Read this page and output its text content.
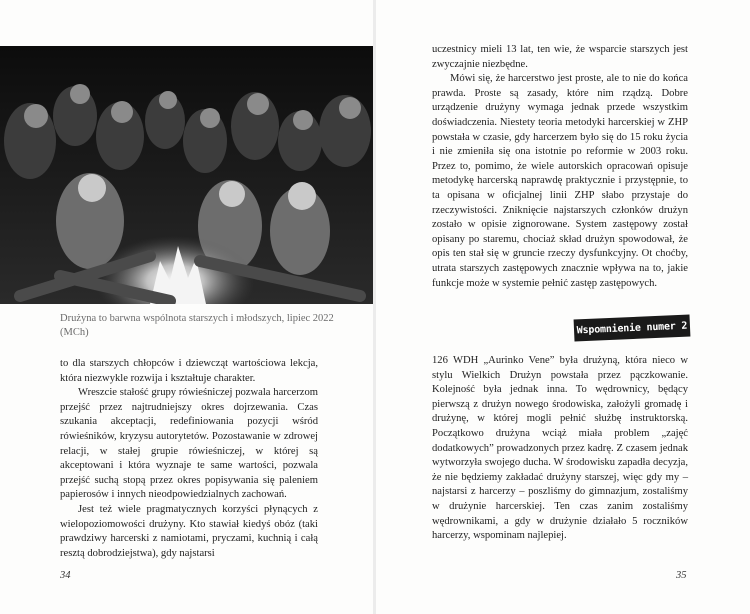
Drużyna to barwna wspólnota starszych i młodszych, lipiec 2022 (MCh)

to dla starszych chłopców i dziewcząt wartościowa lekcja, która niezwykle rozwija i kształtuje charakter.

Wreszcie stałość grupy rówieśniczej pozwala harcerzom przejść przez najtrudniejszy okres dojrzewania. Czas szukania akceptacji, redefiniowania pozycji wśród rówieśników, kryzysu autorytetów. Pozostawanie w zdrowej relacji, w stałej grupie rówieśniczej, w której są akceptowani i która wyznaje te same wartości, pozwala przejść suchą stopą przez okres popisywania się paleniem papierosów i innych nieodpowiedzialnych zachowań.

Jest też wiele pragmatycznych korzyści płynących z wielopoziomowości drużyny. Kto stawiał kiedyś obóz (taki prawdziwy harcerski z namiotami, pryczami, kuchnią i całą resztą dobrodziejstwa), gdy najstarsi

34

uczestnicy mieli 13 lat, ten wie, że wsparcie starszych jest zwyczajnie niezbędne.

Mówi się, że harcerstwo jest proste, ale to nie do końca prawda. Proste są zasady, które nim rządzą. Dobre urządzenie drużyny wymaga jednak przede wszystkim doświadczenia. Niestety teoria metodyki harcerskiej w ZHP powstała w czasie, gdy harcerzem było się do 15 roku życia i nie zmieniła się ona istotnie po reformie w 2003 roku. Przez to, pomimo, że wiele autorskich opracowań opisuje metodykę harcerską naprawdę praktycznie i przystępnie, to ta opisana w oficjalnej linii ZHP słabo przystaje do rzeczywistości. Zniknięcie najstarszych członków drużyn zostało w opisie zignorowane. System zastępowy został opisany po staremu, chociaż skład drużyn spowodował, że opis ten stał się w gruncie rzeczy dysfunkcyjny. Ot choćby, utrata starszych zastępowych znacznie wpływa na to, jakie funkcje może w systemie pełnić zastęp zastępowych.

Wspomnienie numer 2

126 WDH „Aurinko Vene” była drużyną, która nieco w stylu Wielkich Drużyn powstała przez pączkowanie. Kolejność była jednak inna. To wędrownicy, będący pierwszą z drużyn nowego środowiska, założyli gromadę i drużynę, w której mogli pełnić służbę instruktorską. Początkowo drużyna wciąż miała problem „zajęć dodatkowych” prowadzonych przez kadrę. Z czasem jednak wytworzyła swojego ducha. W środowisku zapadła decyzja, że nie będziemy zakładać drużyny starszej, więc gdy my – najstarsi z harcerzy – poszliśmy do gimnazjum, zostaliśmy w drużynie harcerskiej. Ten czas zanim zostaliśmy wędrownikami, a gdy w drużynie działało 5 roczników harcerzy, wspominam najlepiej.

35
